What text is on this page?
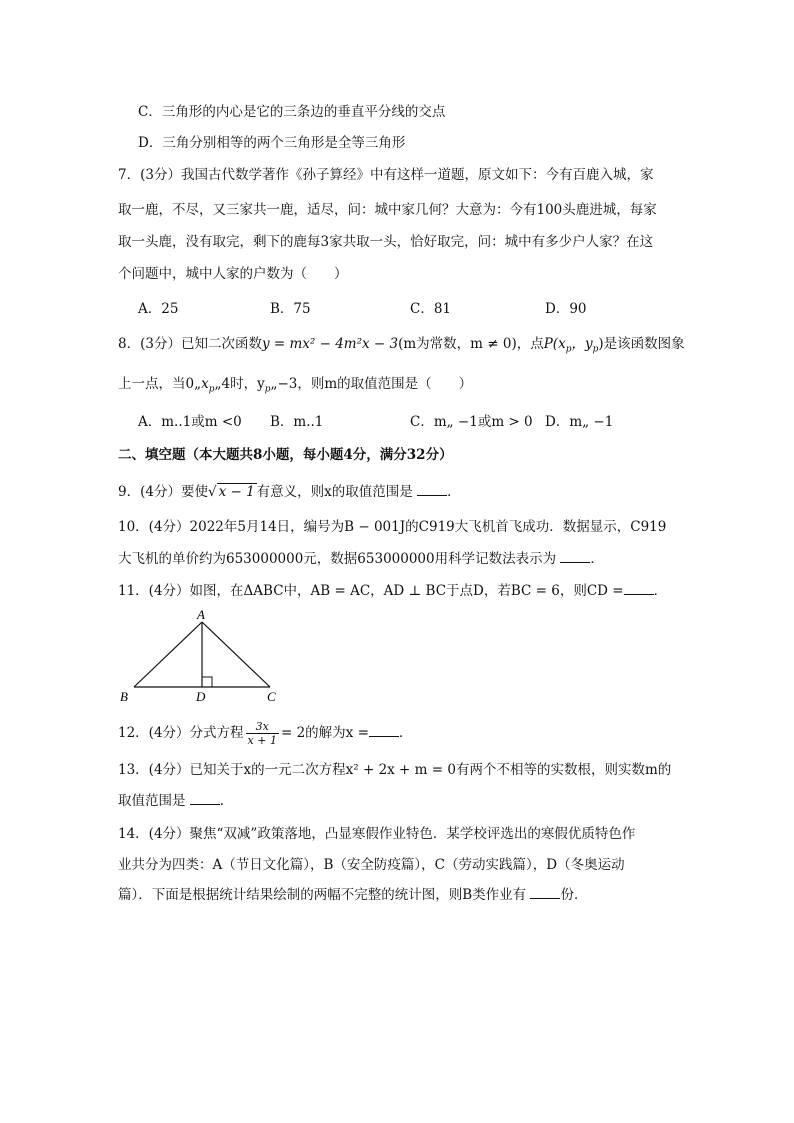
C．三角形的内心是它的三条边的垂直平分线的交点
D．三角分别相等的两个三角形是全等三角形
7．(3分）我国古代数学著作《孙子算经》中有这样一道题，原文如下：今有百鹿入城，家
取一鹿，不尽，又三家共一鹿，适尽，问：城中家几何？大意为：今有100头鹿进城，每家
取一头鹿，没有取完，剩下的鹿每3家共取一头，恰好取完，问：城中有多少户人家？在这
个问题中，城中人家的户数为（　　）
A．25	B．75	C．81	D．90
8．(3分）已知二次函数y = mx² − 4m²x − 3(m为常数，m ≠ 0)，点$P(x_p$，$y_p$)是该函数图象
上一点，当$0„x_p„4$时，$y_p„-3$，则m的取值范围是（　　）
A．m..1或m <0 B．m..1	C．m„ −1或m > 0 D．m„ −1
二、填空题（本大题共8小题，每小题4分，满分32分）
9．(4分）要使√ x − 1 有意义，则x的取值范围是	．
10．(4分）2022年5月14日，编号为B − 001J的C919大飞机首飞成功．数据显示，C919
大飞机的单价约为653000000元，数据653000000用科学记数法表示为	．
11．(4分）如图，在ΔABC中，AB = AC，AD ⊥ BC于点D，若BC = 6，则CD = ．
A
B	D	C
12．(4分）分式方程 $\frac{3x}{x + 1} = 2$的解为x = ．
13．(4分）已知关于x的一元二次方程x² + 2x + m = 0有两个不相等的实数根，则实数m的
取值范围是	．
14．(4分）聚焦“双减”政策落地，凸显寒假作业特色．某学校评选出的寒假优质特色作
业共分为四类：A（节日文化篇），B（安全防疫篇），C（劳动实践篇），D（冬奥运动
篇）．下面是根据统计结果绘制的两幅不完整的统计图，则B类作业有	份．
